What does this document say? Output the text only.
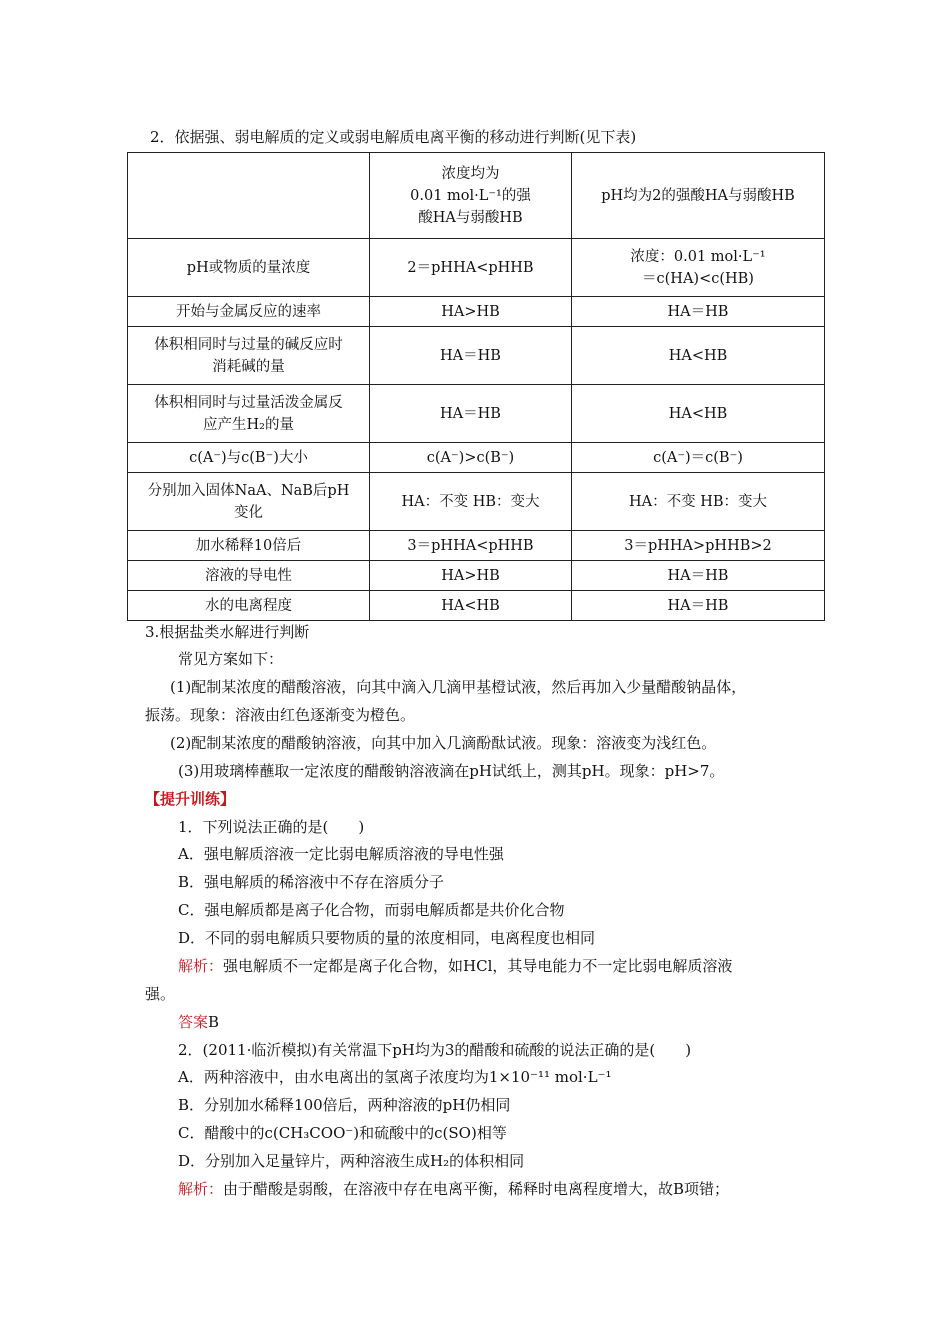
2．依据强、弱电解质的定义或弱电解质电离平衡的移动进行判断(见下表)
	浓度均为
0.01 mol·L⁻¹的强
酸HA与弱酸HB	pH均为2的强酸HA与弱酸HB
pH或物质的量浓度	2＝pHHA<pHHB	浓度：0.01 mol·L⁻¹
＝c(HA)<c(HB)
开始与金属反应的速率	HA>HB	HA＝HB
体积相同时与过量的碱反应时
消耗碱的量	HA＝HB	HA<HB
体积相同时与过量活泼金属反
应产生H₂的量	HA＝HB	HA<HB
c(A⁻)与c(B⁻)大小	c(A⁻)>c(B⁻)	c(A⁻)＝c(B⁻)
分别加入固体NaA、NaB后pH
变化	HA：不变 HB：变大	HA：不变 HB：变大
加水稀释10倍后	3＝pHHA<pHHB	3＝pHHA>pHHB>2
溶液的导电性	HA>HB	HA＝HB
水的电离程度	HA<HB	HA＝HB
3.根据盐类水解进行判断
常见方案如下：
(1)配制某浓度的醋酸溶液，向其中滴入几滴甲基橙试液，然后再加入少量醋酸钠晶体，
振荡。现象：溶液由红色逐渐变为橙色。
(2)配制某浓度的醋酸钠溶液，向其中加入几滴酚酞试液。现象：溶液变为浅红色。
(3)用玻璃棒蘸取一定浓度的醋酸钠溶液滴在pH试纸上，测其pH。现象：pH>7。
【提升训练】
1．下列说法正确的是(　　)
A．强电解质溶液一定比弱电解质溶液的导电性强
B．强电解质的稀溶液中不存在溶质分子
C．强电解质都是离子化合物，而弱电解质都是共价化合物
D．不同的弱电解质只要物质的量的浓度相同，电离程度也相同
解析：强电解质不一定都是离子化合物，如HCl，其导电能力不一定比弱电解质溶液
强。
答案B
2．(2011·临沂模拟)有关常温下pH均为3的醋酸和硫酸的说法正确的是(　　)
A．两种溶液中，由水电离出的氢离子浓度均为1×10⁻¹¹ mol·L⁻¹
B．分别加水稀释100倍后，两种溶液的pH仍相同
C．醋酸中的c(CH₃COO⁻)和硫酸中的c(SO)相等
D．分别加入足量锌片，两种溶液生成H₂的体积相同
解析：由于醋酸是弱酸，在溶液中存在电离平衡，稀释时电离程度增大，故B项错；
